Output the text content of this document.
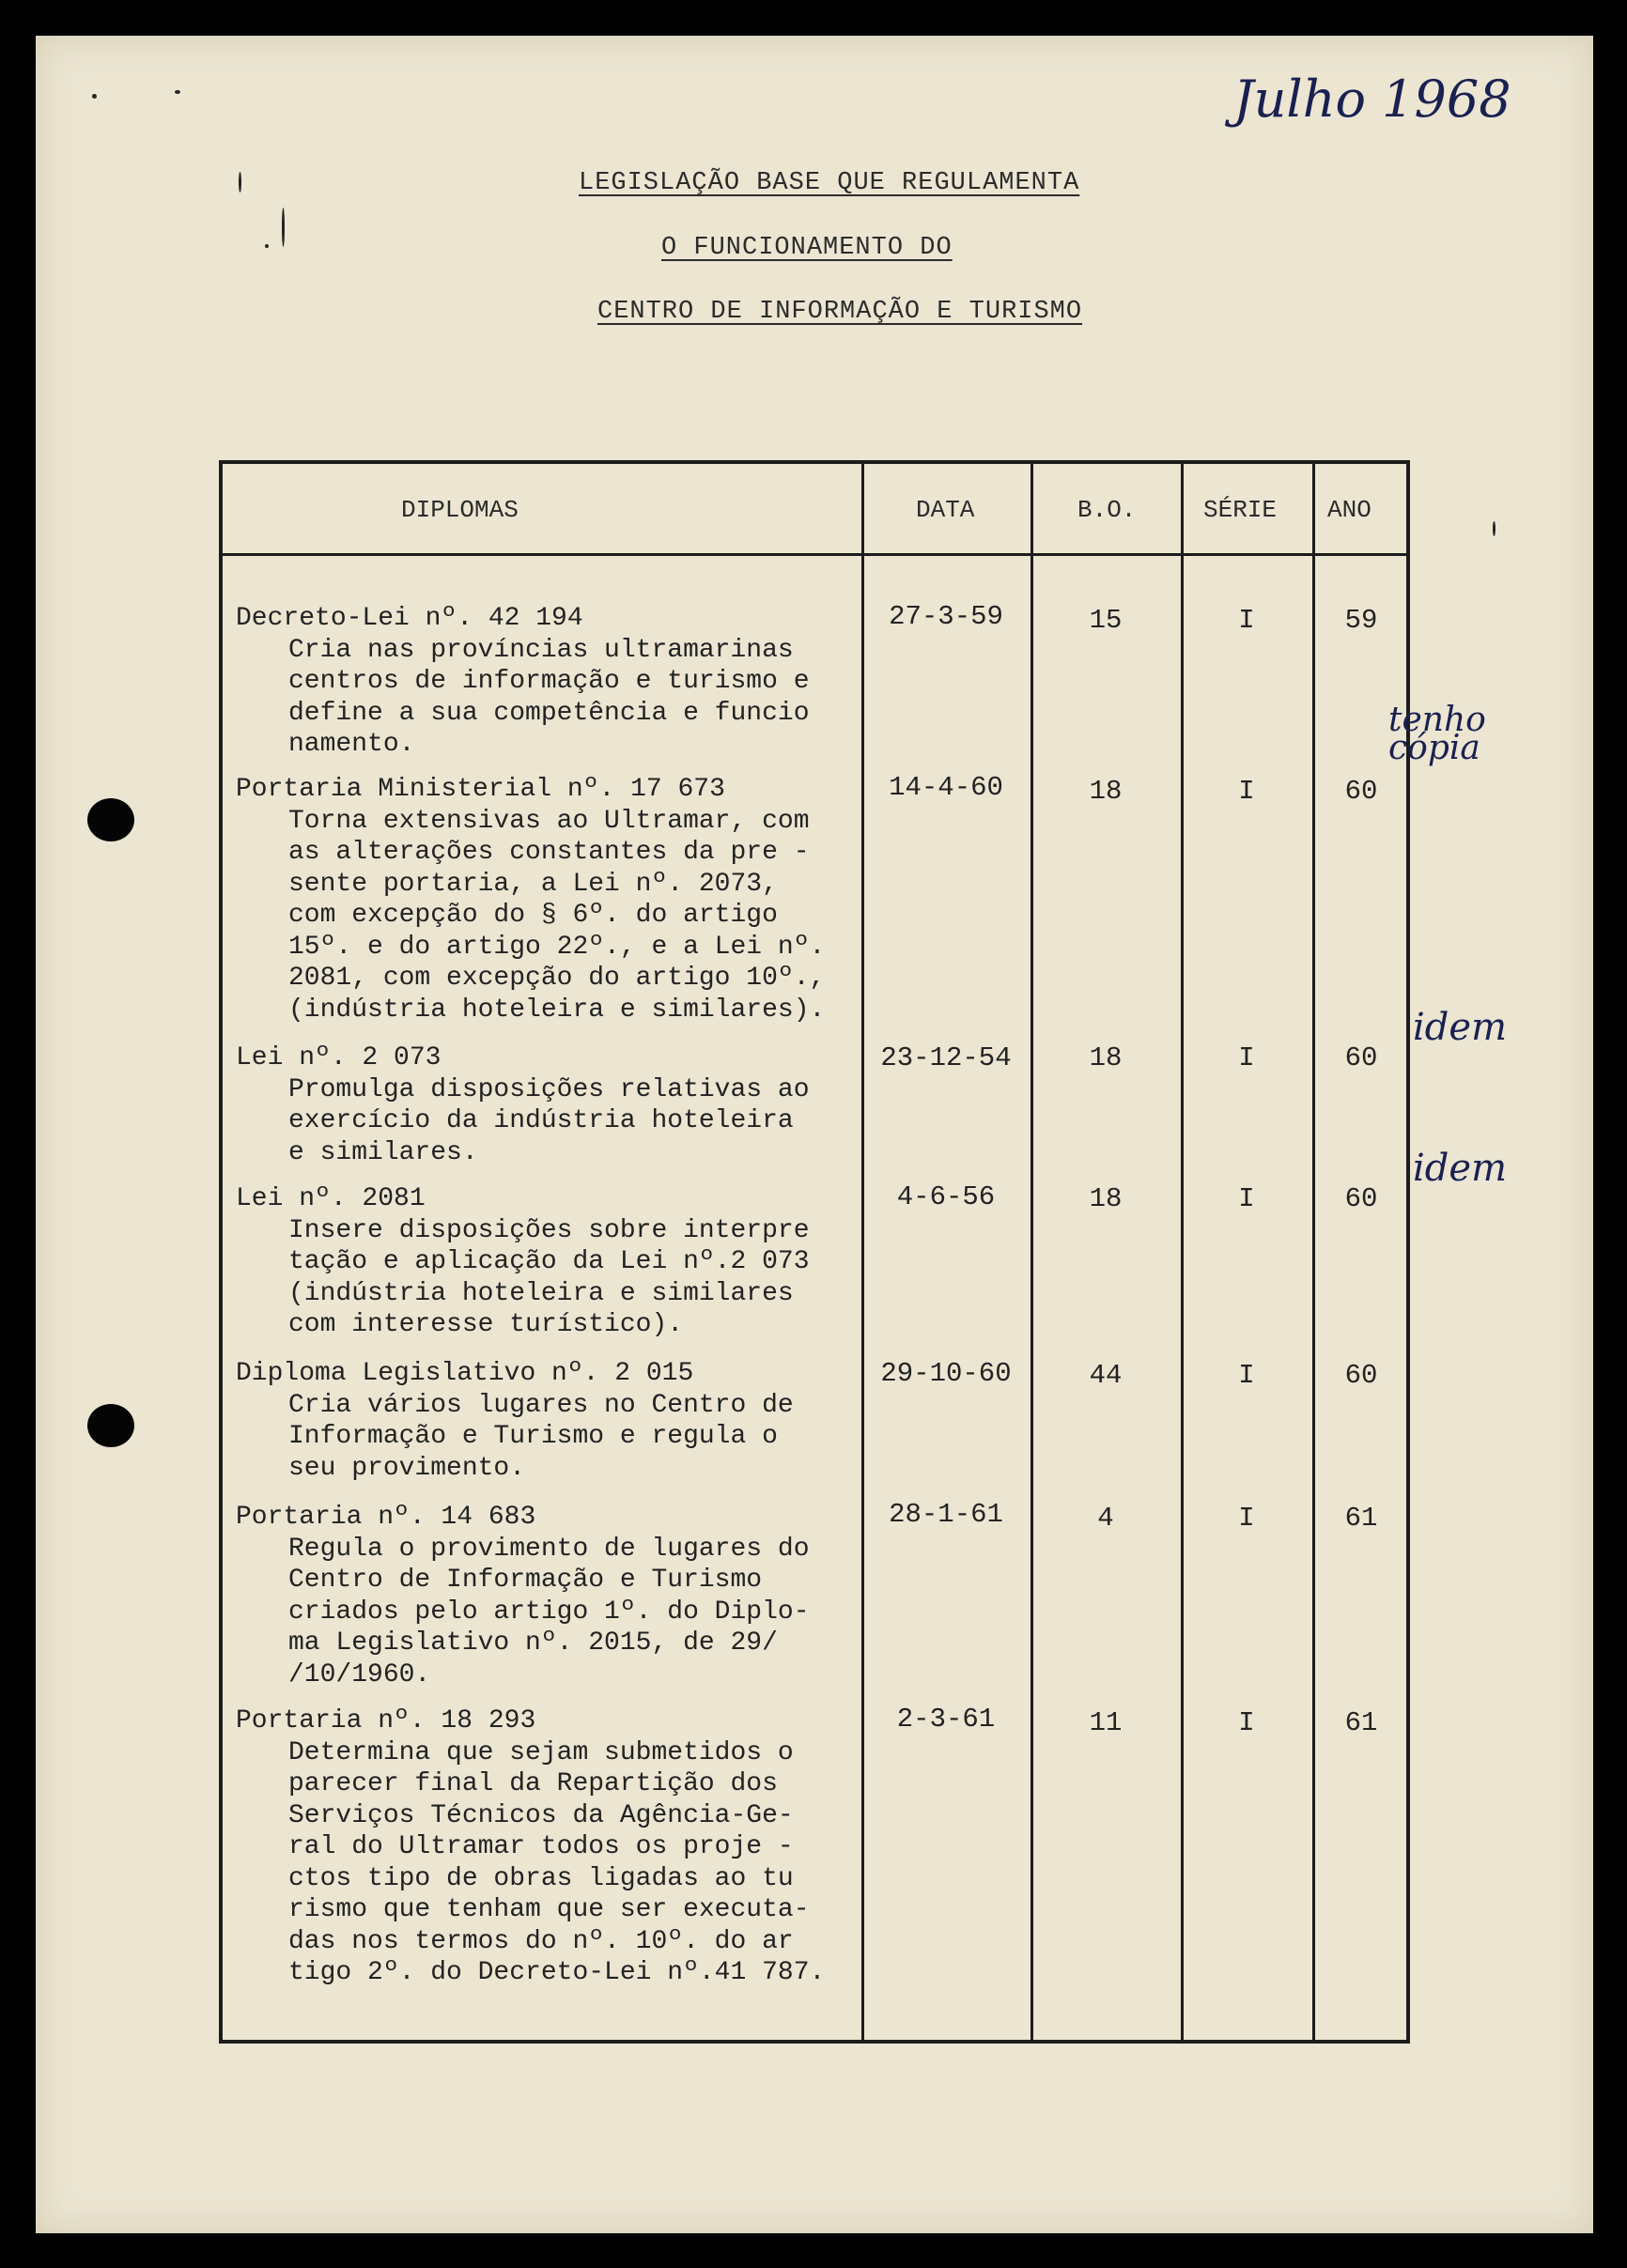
Julho 1968
LEGISLAÇÃO BASE QUE REGULAMENTA
O FUNCIONAMENTO DO
CENTRO DE INFORMAÇÃO E TURISMO
DIPLOMAS	DATA	B.O.	SÉRIE ANO
Decreto-Lei nº. 42 194
Cria nas províncias ultramarinas
centros de informação e turismo e
define a sua competência e funcio
namento.
27-3-59	15	I	59
Portaria Ministerial nº. 17 673
Torna extensivas ao Ultramar, com
as alterações constantes da pre -
sente portaria, a Lei nº. 2073,
com excepção do § 6º. do artigo
15º. e do artigo 22º., e a Lei nº.
2081, com excepção do artigo 10º.,
(indústria hoteleira e similares).
14-4-60	18	I	60
Lei nº. 2 073
Promulga disposições relativas ao
exercício da indústria hoteleira
e similares.
23-12-54	18	I	60
Lei nº. 2081
Insere disposições sobre interpre
tação e aplicação da Lei nº.2 073
(indústria hoteleira e similares
com interesse turístico).
4-6-56	18	I	60
Diploma Legislativo nº. 2 015
Cria vários lugares no Centro de
Informação e Turismo e regula o
seu provimento.
29-10-60	44	I	60
Portaria nº. 14 683
Regula o provimento de lugares do
Centro de Informação e Turismo
criados pelo artigo 1º. do Diplo-
ma Legislativo nº. 2015, de 29/
/10/1960.
28-1-61	4	I	61
Portaria nº. 18 293
Determina que sejam submetidos o
parecer final da Repartição dos
Serviços Técnicos da Agência-Ge-
ral do Ultramar todos os proje -
ctos tipo de obras ligadas ao tu
rismo que tenham que ser executa-
das nos termos do nº. 10º. do ar
tigo 2º. do Decreto-Lei nº.41 787.
2-3-61	11	I	61
tenho cópia
idem
idem
